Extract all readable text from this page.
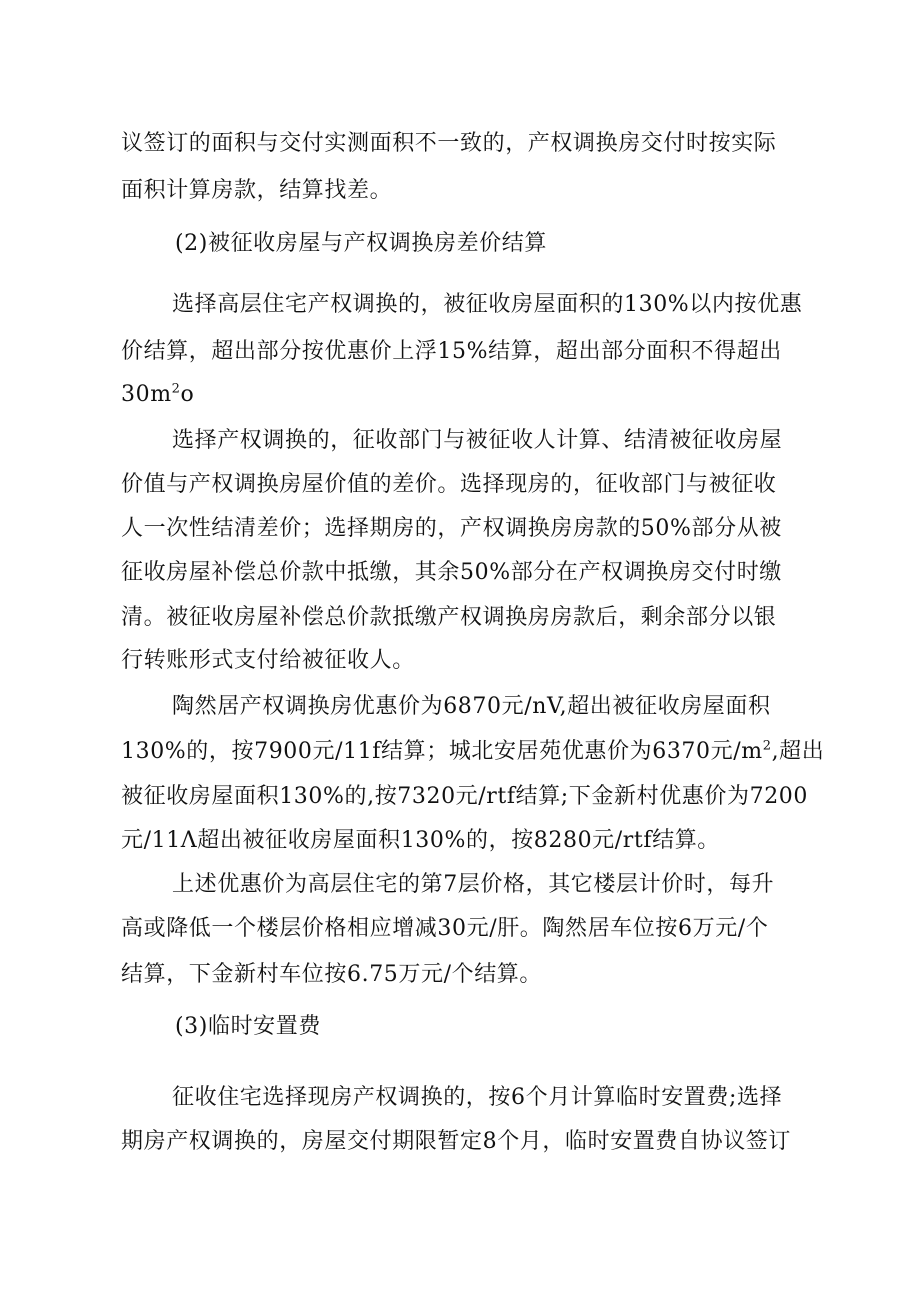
议签订的面积与交付实测面积不一致的，产权调换房交付时按实际

面积计算房款，结算找差。

(2)被征收房屋与产权调换房差价结算

选择高层住宅产权调换的，被征收房屋面积的130%以内按优惠

价结算，超出部分按优惠价上浮15%结算，超出部分面积不得超出

$30m^2o$

选择产权调换的，征收部门与被征收人计算、结清被征收房屋

价值与产权调换房屋价值的差价。选择现房的，征收部门与被征收

人一次性结清差价；选择期房的，产权调换房房款的50%部分从被

征收房屋补偿总价款中抵缴，其余50%部分在产权调换房交付时缴

清。被征收房屋补偿总价款抵缴产权调换房房款后，剩余部分以银

行转账形式支付给被征收人。

陶然居产权调换房优惠价为6870元/nV,超出被征收房屋面积

130%的，按7900元/11f结算；城北安居苑优惠价为6370元$/m^2$,超出

被征收房屋面积130%的,按7320元/rtf结算;下金新村优惠价为7200

元/11Λ超出被征收房屋面积130%的，按8280元/rtf结算。

上述优惠价为高层住宅的第7层价格，其它楼层计价时，每升

高或降低一个楼层价格相应增减30元/肝。陶然居车位按6万元/个

结算，下金新村车位按6.75万元/个结算。

(3)临时安置费

征收住宅选择现房产权调换的，按6个月计算临时安置费;选择

期房产权调换的，房屋交付期限暂定8个月，临时安置费自协议签订
